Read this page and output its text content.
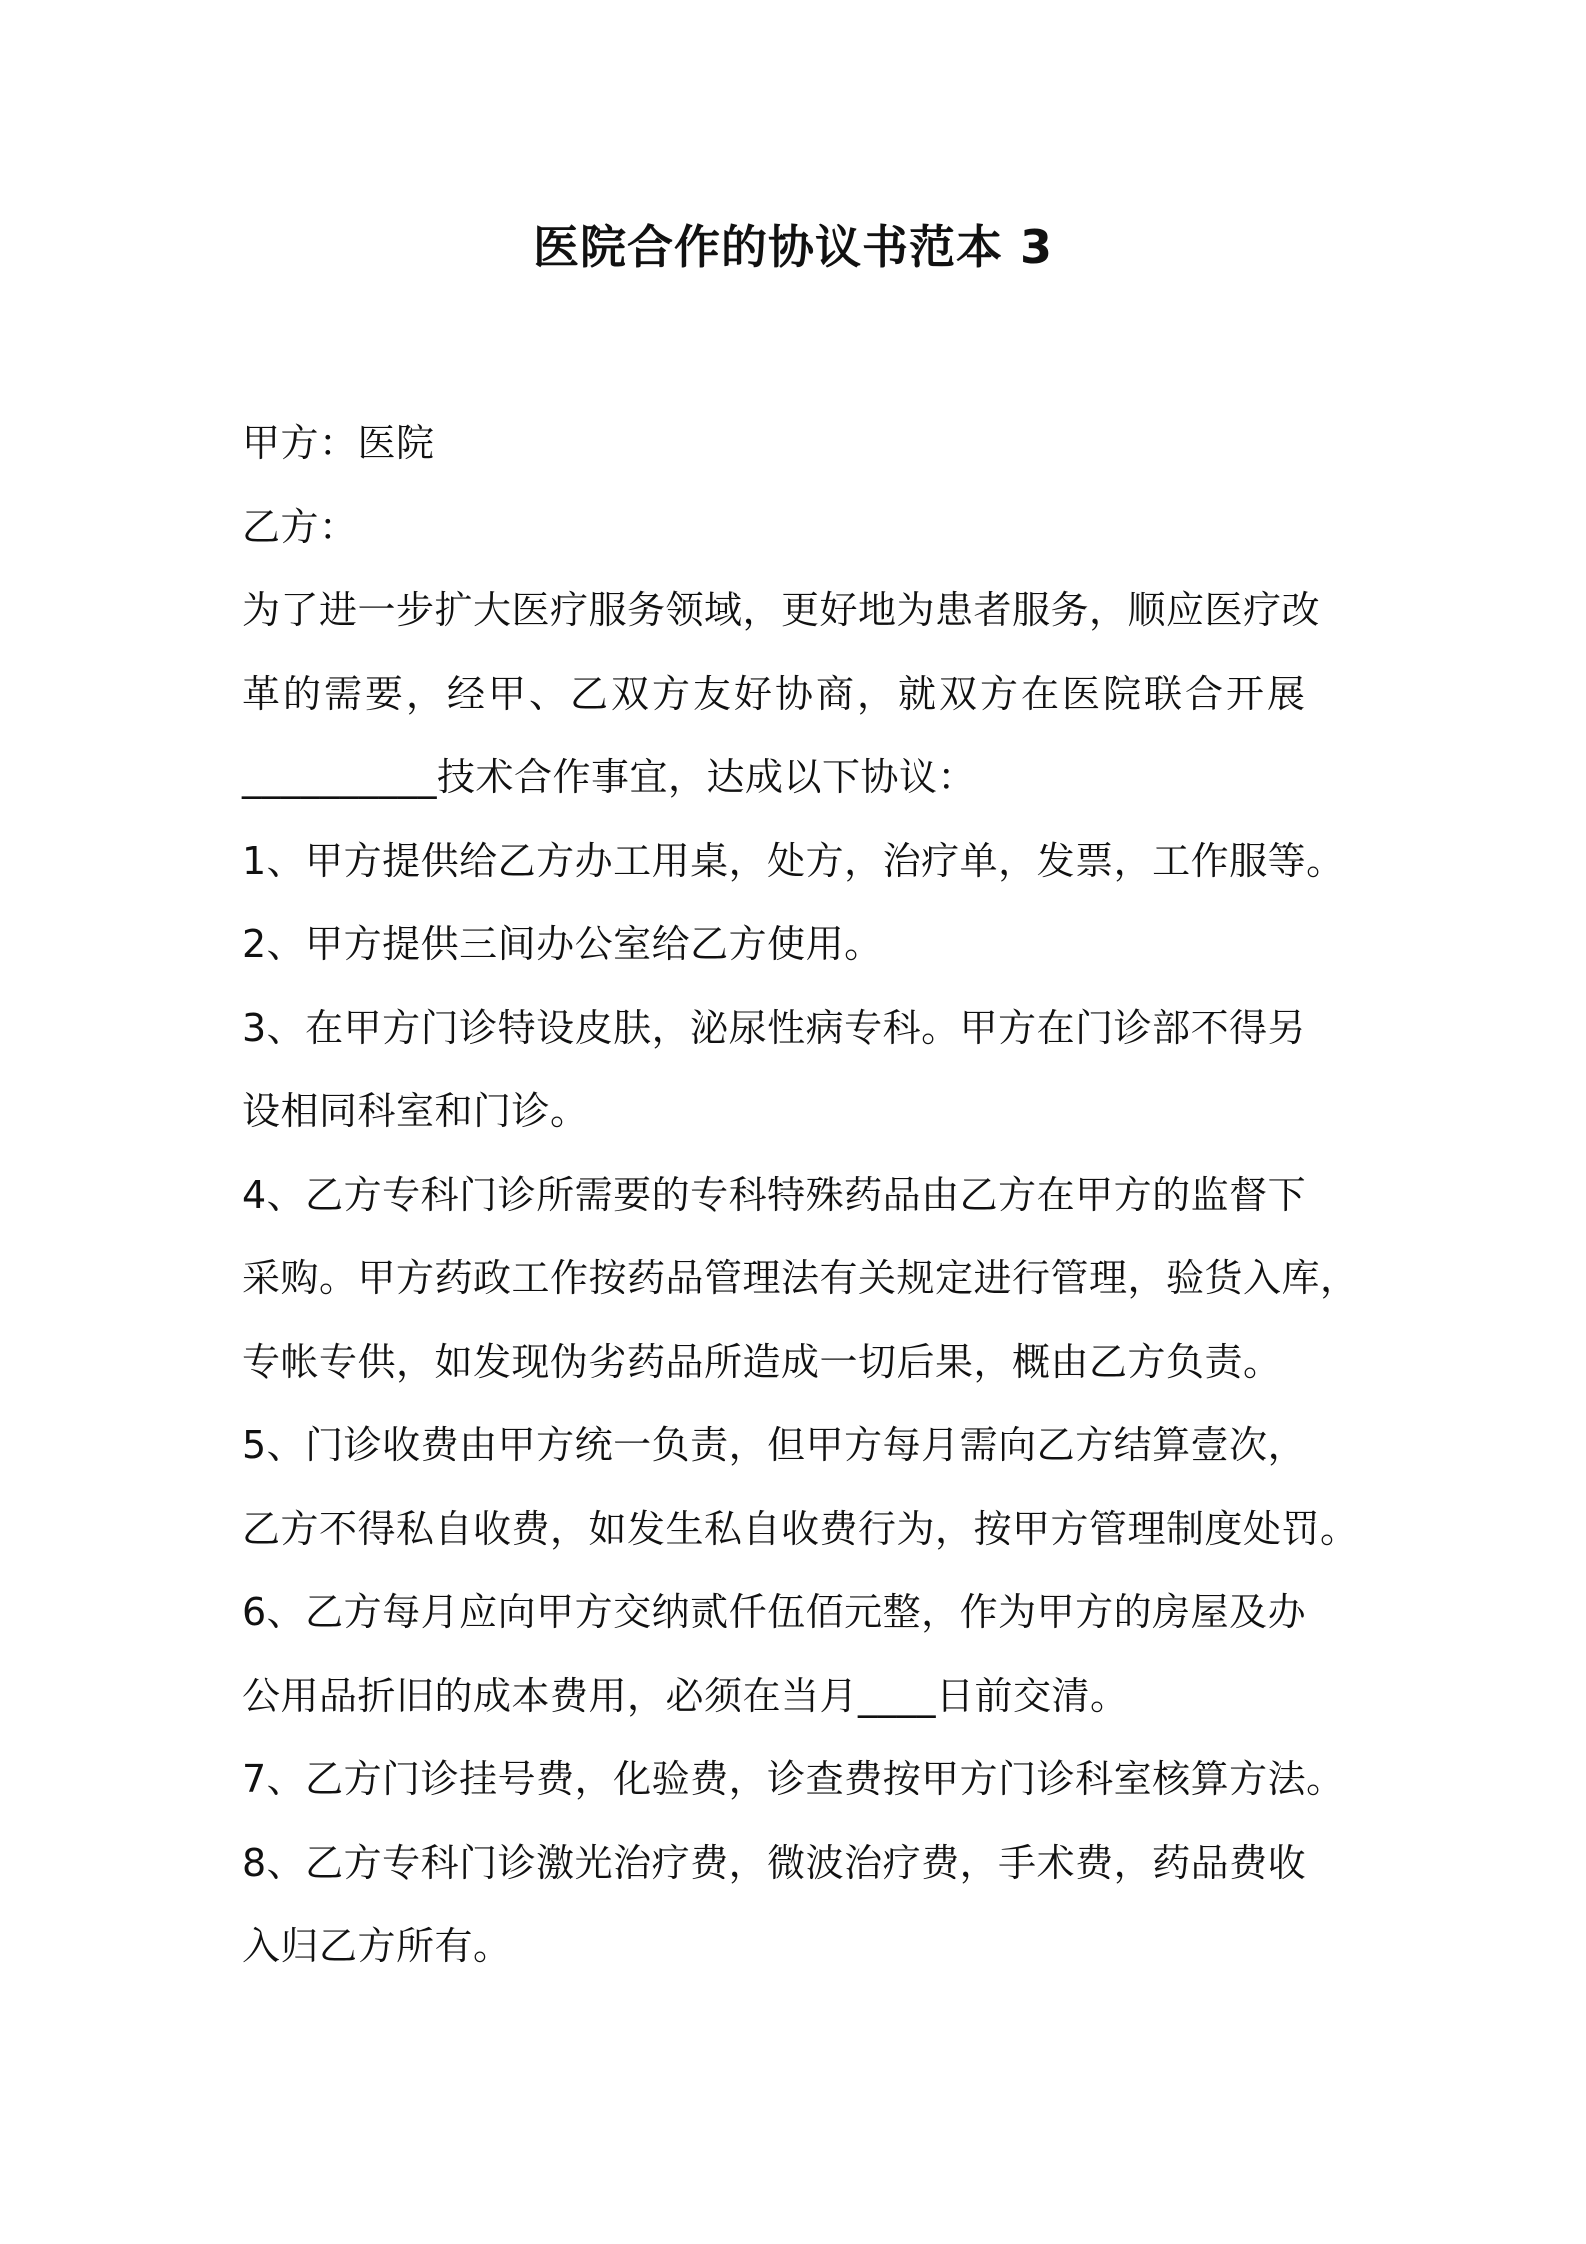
医院合作的协议书范本 3
甲方：医院
乙方：
为了进一步扩大医疗服务领域，更好地为患者服务，顺应医疗改
革的需要，经甲、乙双方友好协商，就双方在医院联合开展
__________技术合作事宜，达成以下协议：
1、甲方提供给乙方办工用桌，处方，治疗单，发票，工作服等。
2、甲方提供三间办公室给乙方使用。
3、在甲方门诊特设皮肤，泌尿性病专科。甲方在门诊部不得另
设相同科室和门诊。
4、乙方专科门诊所需要的专科特殊药品由乙方在甲方的监督下
采购。甲方药政工作按药品管理法有关规定进行管理，验货入库，
专帐专供，如发现伪劣药品所造成一切后果，概由乙方负责。
5、门诊收费由甲方统一负责，但甲方每月需向乙方结算壹次，
乙方不得私自收费，如发生私自收费行为，按甲方管理制度处罚。
6、乙方每月应向甲方交纳贰仟伍佰元整，作为甲方的房屋及办
公用品折旧的成本费用，必须在当月____日前交清。
7、乙方门诊挂号费，化验费，诊查费按甲方门诊科室核算方法。
8、乙方专科门诊激光治疗费，微波治疗费，手术费，药品费收
入归乙方所有。
